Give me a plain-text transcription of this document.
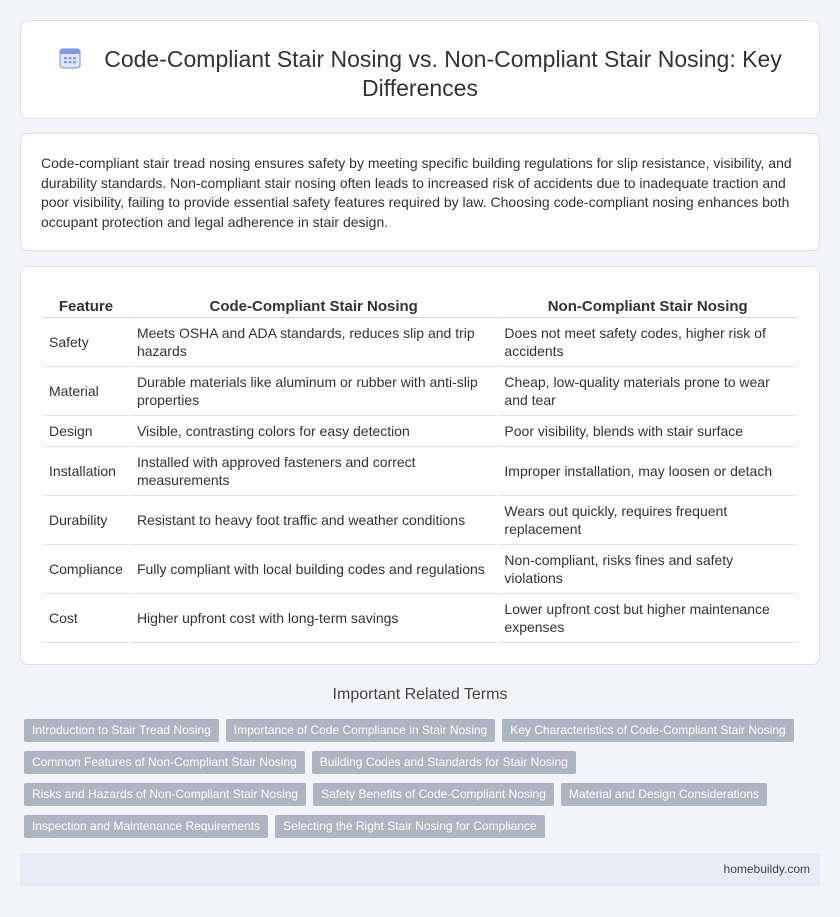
Code-Compliant Stair Nosing vs. Non-Compliant Stair Nosing: Key Differences

Code-compliant stair tread nosing ensures safety by meeting specific building regulations for slip resistance, visibility, and durability standards. Non-compliant stair nosing often leads to increased risk of accidents due to inadequate traction and poor visibility, failing to provide essential safety features required by law. Choosing code-compliant nosing enhances both occupant protection and legal adherence in stair design.

Feature	Code-Compliant Stair Nosing	Non-Compliant Stair Nosing
Safety	Meets OSHA and ADA standards, reduces slip and trip hazards	Does not meet safety codes, higher risk of accidents
Material	Durable materials like aluminum or rubber with anti-slip properties	Cheap, low-quality materials prone to wear and tear
Design	Visible, contrasting colors for easy detection	Poor visibility, blends with stair surface
Installation	Installed with approved fasteners and correct measurements	Improper installation, may loosen or detach
Durability	Resistant to heavy foot traffic and weather conditions	Wears out quickly, requires frequent replacement
Compliance	Fully compliant with local building codes and regulations	Non-compliant, risks fines and safety violations
Cost	Higher upfront cost with long-term savings	Lower upfront cost but higher maintenance expenses
Important Related Terms
Introduction to Stair Tread Nosing	Importance of Code Compliance in Stair Nosing	Key Characteristics of Code-Compliant Stair Nosing
Common Features of Non-Compliant Stair Nosing	Building Codes and Standards for Stair Nosing
Risks and Hazards of Non-Compliant Stair Nosing	Safety Benefits of Code-Compliant Nosing	Material and Design Considerations
Inspection and Maintenance Requirements	Selecting the Right Stair Nosing for Compliance
homebuildy.com
